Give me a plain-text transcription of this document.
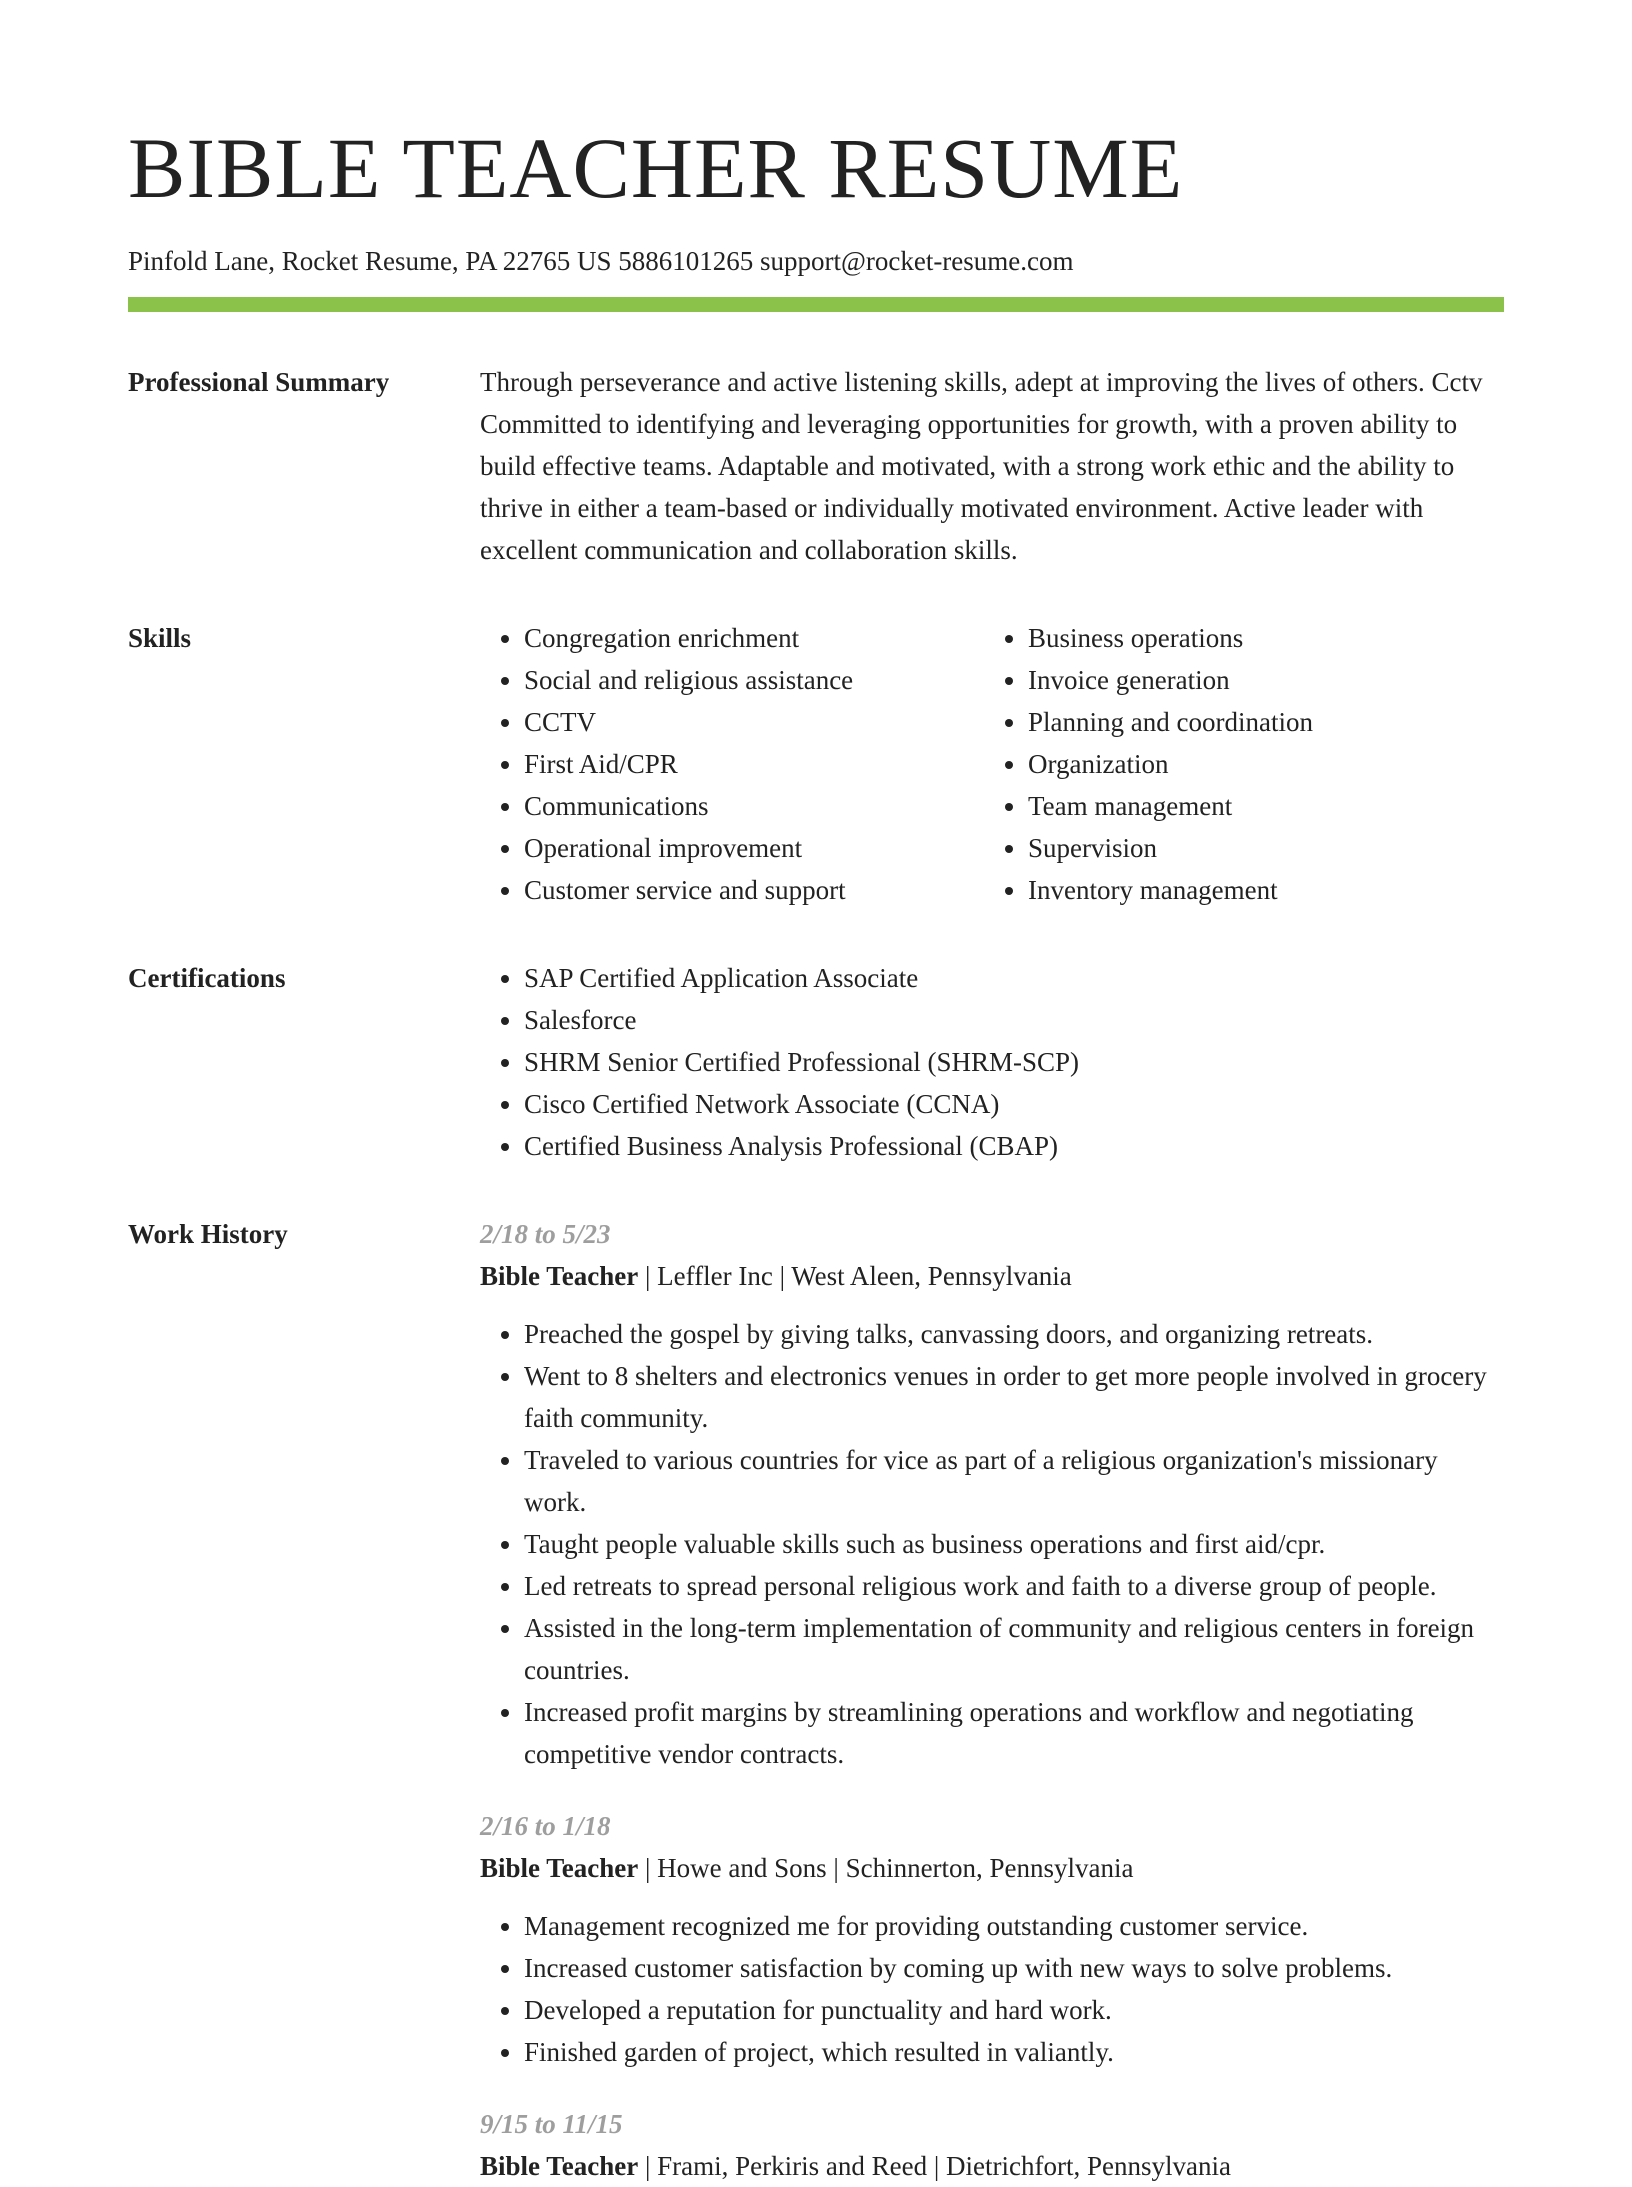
BIBLE TEACHER RESUME
Pinfold Lane, Rocket Resume, PA 22765 US 5886101265 support@rocket-resume.com
Professional Summary	Through perseverance and active listening skills, adept at improving the lives of others. Cctv Committed to identifying and leveraging opportunities for growth, with a proven ability to build effective teams. Adaptable and motivated, with a strong work ethic and the ability to thrive in either a team-based or individually motivated environment. Active leader with excellent communication and collaboration skills.
Skills	• Congregation enrichment
• Social and religious assistance
• CCTV
• First Aid/CPR
• Communications
• Operational improvement
• Customer service and support
• Business operations
• Invoice generation
• Planning and coordination
• Organization
• Team management
• Supervision
• Inventory management
Certifications	• SAP Certified Application Associate
• Salesforce
• SHRM Senior Certified Professional (SHRM-SCP)
• Cisco Certified Network Associate (CCNA)
• Certified Business Analysis Professional (CBAP)
Work History	2/18 to 5/23
Bible Teacher | Leffler Inc | West Aleen, Pennsylvania
• Preached the gospel by giving talks, canvassing doors, and organizing retreats.
• Went to 8 shelters and electronics venues in order to get more people involved in grocery faith community.
• Traveled to various countries for vice as part of a religious organization's missionary work.
• Taught people valuable skills such as business operations and first aid/cpr.
• Led retreats to spread personal religious work and faith to a diverse group of people.
• Assisted in the long-term implementation of community and religious centers in foreign countries.
• Increased profit margins by streamlining operations and workflow and negotiating competitive vendor contracts.
2/16 to 1/18
Bible Teacher | Howe and Sons | Schinnerton, Pennsylvania
• Management recognized me for providing outstanding customer service.
• Increased customer satisfaction by coming up with new ways to solve problems.
• Developed a reputation for punctuality and hard work.
• Finished garden of project, which resulted in valiantly.
9/15 to 11/15
Bible Teacher | Frami, Perkiris and Reed | Dietrichfort, Pennsylvania
